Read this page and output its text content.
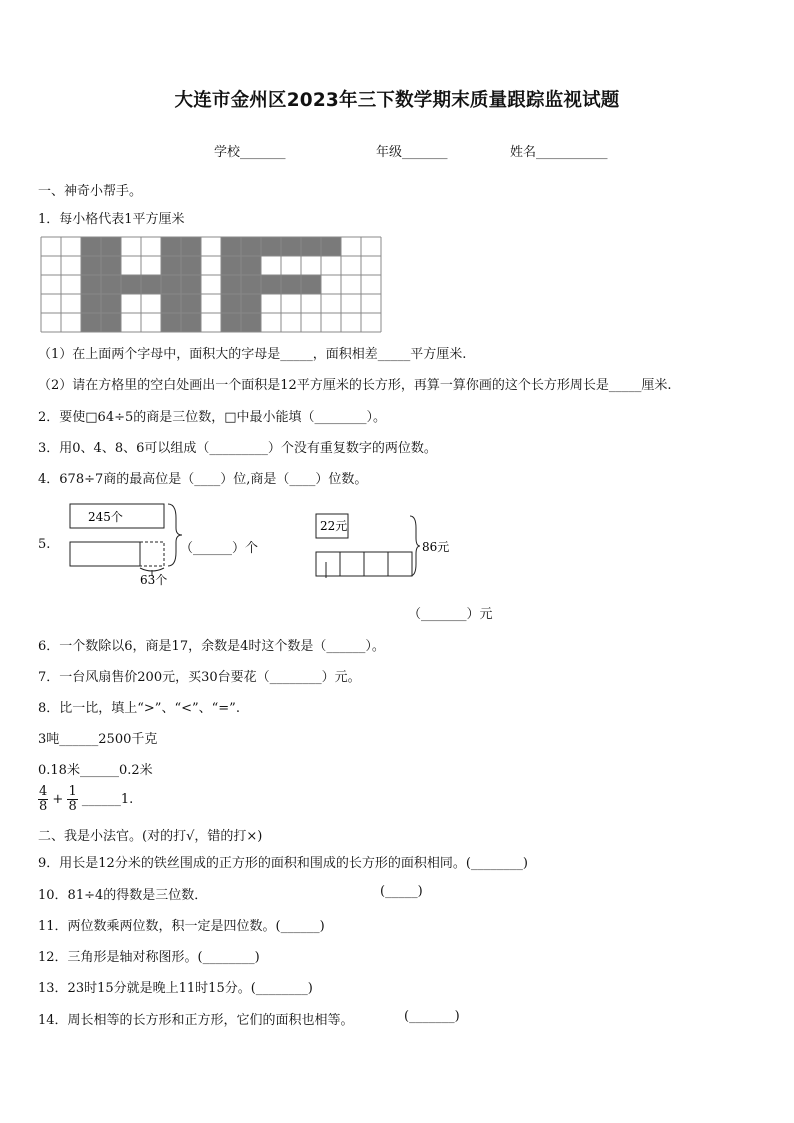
大连市金州区2023年三下数学期末质量跟踪监视试题
学校_______	年级_______	姓名___________
一、神奇小帮手。
1．每小格代表1平方厘米
（1）在上面两个字母中，面积大的字母是_____，面积相差_____平方厘米.
（2）请在方格里的空白处画出一个面积是12平方厘米的长方形，再算一算你画的这个长方形周长是_____厘米.
2．要使□64÷5的商是三位数，□中最小能填（________）。
3．用0、4、8、6可以组成（_________）个没有重复数字的两位数。
4．678÷7商的最高位是（____）位,商是（____）位数。
5.
245个
63个
（______）个
22元
86元
（_______）元
6．一个数除以6，商是17，余数是4时这个数是（______）。
7．一台风扇售价200元，买30台要花（________）元。
8．比一比，填上“>”、“<”、“=”.
3吨______2500千克
0.18米______0.2米
$\frac{4}{8} + \frac{1}{8}$ ______1.
二、我是小法官。(对的打√，错的打×)
9．用长是12分米的铁丝围成的正方形的面积和围成的长方形的面积相同。(________)
10．81÷4的得数是三位数．	(_____)
11．两位数乘两位数，积一定是四位数。(______)
12．三角形是轴对称图形。(________)
13．23时15分就是晚上11时15分。(________)
14．周长相等的长方形和正方形，它们的面积也相等。	(_______)
